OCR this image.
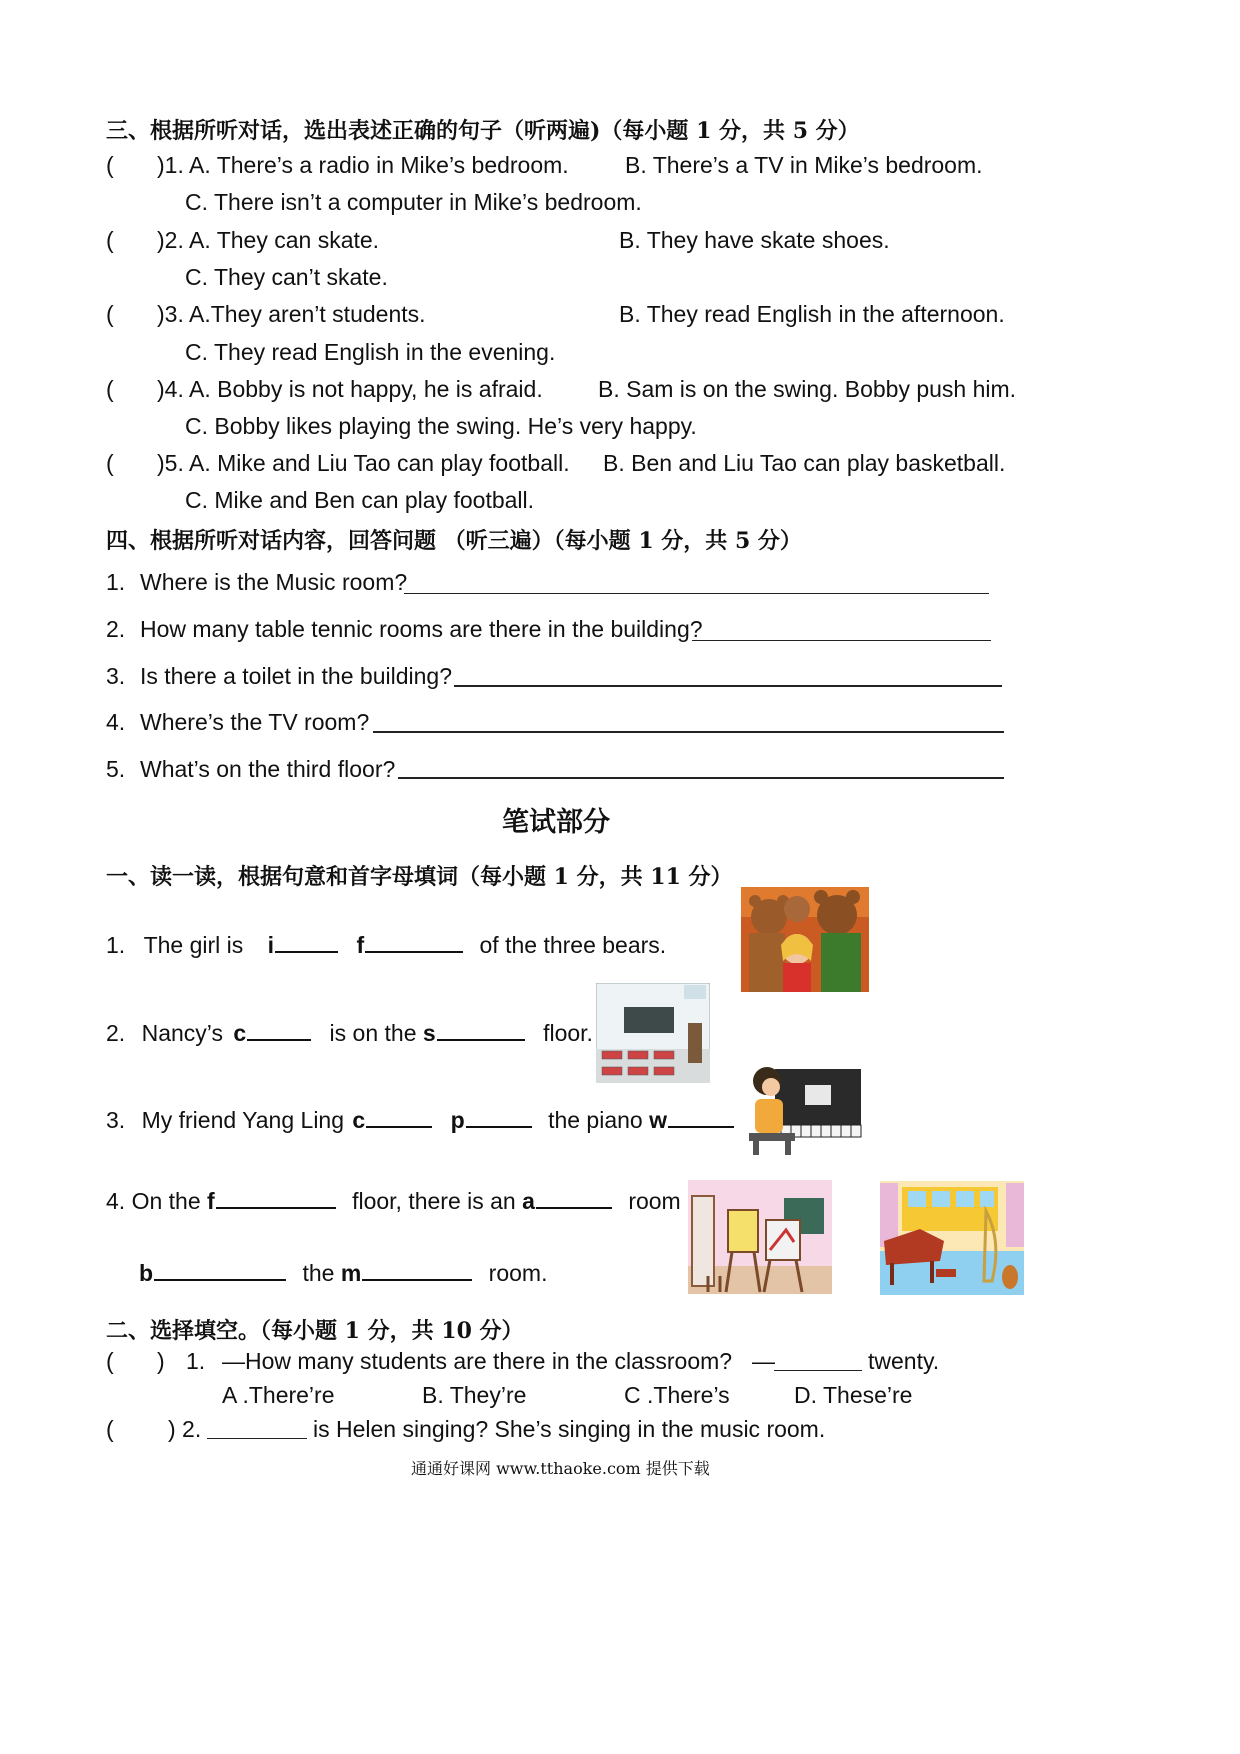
三、根据所听对话，选出表述正确的句子（听两遍)（每小题 1 分，共 5 分）
( )1. A. There’s a radio in Mike’s bedroom. B. There’s a TV in Mike’s bedroom.
C. There isn’t a computer in Mike’s bedroom.
( )2. A. They can skate.	B. They have skate shoes.
C. They can’t skate.
( )3. A.They aren’t students.	B. They read English in the afternoon.
C. They read English in the evening.
( )4. A. Bobby is not happy, he is afraid. B. Sam is on the swing. Bobby push him.
C. Bobby likes playing the swing. He’s very happy.
( )5. A. Mike and Liu Tao can play football. B. Ben and Liu Tao can play basketball.
C. Mike and Ben can play football.
四、根据所听对话内容，回答问题 （听三遍）（每小题 1 分，共 5 分）
1. Where is the Music room?
2. How many table tennic rooms are there in the building?
3. Is there a toilet in the building?
4. Where’s the TV room?
5. What’s on the third floor?
笔试部分
一、读一读，根据句意和首字母填词（每小题 1 分，共 11 分）
1. The girl is i	f	of the three bears.
2. Nancy’s c	is on the s	floor.
3. My friend Yang Ling c	p	the piano w
4. On the f	floor, there is an a	room
b	the m	room.
二、选择填空。（每小题 1 分，共 10 分）
( ) 1. —How many students are there in the classroom? —	twenty.
A .There’re	B. They’re	C .There’s	D. These’re
( ) 2.	is Helen singing? She’s singing in the music room.
通通好课网 www.tthaoke.com 提供下载
